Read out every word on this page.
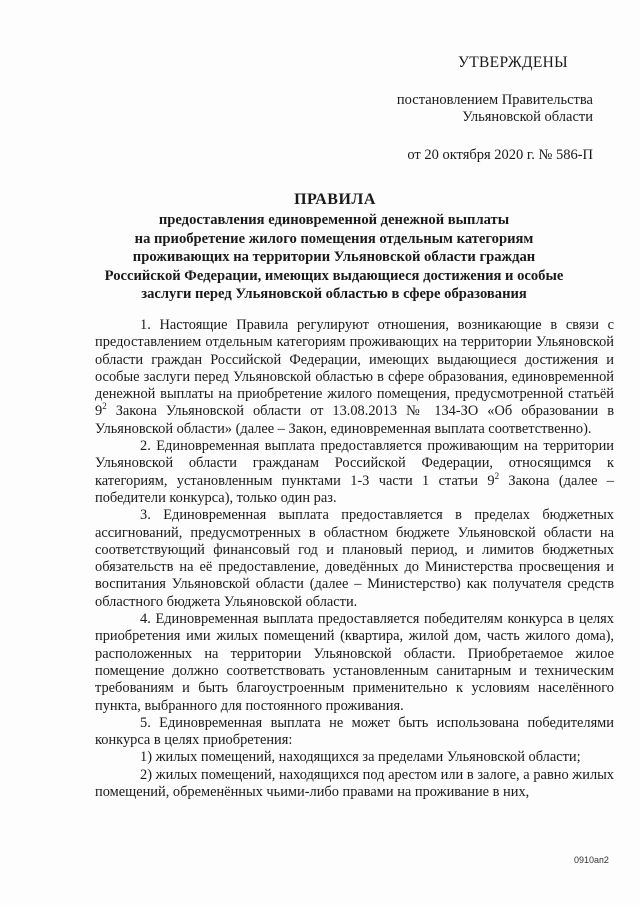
УТВЕРЖДЕНЫ
постановлением Правительства
Ульяновской области
от 20 октября 2020 г. № 586-П
ПРАВИЛА
предоставления единовременной денежной выплаты
на приобретение жилого помещения отдельным категориям
проживающих на территории Ульяновской области граждан
Российской Федерации, имеющих выдающиеся достижения и особые
заслуги перед Ульяновской областью в сфере образования

1. Настоящие Правила регулируют отношения, возникающие в связи с предоставлением отдельным категориям проживающих на территории Ульяновской области граждан Российской Федерации, имеющих выдающиеся достижения и особые заслуги перед Ульяновской областью в сфере образования, единовременной денежной выплаты на приобретение жилого помещения, предусмотренной статьёй $9^2$ Закона Ульяновской области от 13.08.2013 № 134-ЗО «Об образовании в Ульяновской области» (далее – Закон, единовременная выплата соответственно).

2. Единовременная выплата предоставляется проживающим на территории Ульяновской области гражданам Российской Федерации, относящимся к категориям, установленным пунктами 1-3 части 1 статьи $9^2$ Закона (далее – победители конкурса), только один раз.

3. Единовременная выплата предоставляется в пределах бюджетных ассигнований, предусмотренных в областном бюджете Ульяновской области на соответствующий финансовый год и плановый период, и лимитов бюджетных обязательств на её предоставление, доведённых до Министерства просвещения и воспитания Ульяновской области (далее – Министерство) как получателя средств областного бюджета Ульяновской области.

4. Единовременная выплата предоставляется победителям конкурса в целях приобретения ими жилых помещений (квартира, жилой дом, часть жилого дома), расположенных на территории Ульяновской области. Приобретаемое жилое помещение должно соответствовать установленным санитарным и техническим требованиям и быть благоустроенным применительно к условиям населённого пункта, выбранного для постоянного проживания.

5. Единовременная выплата не может быть использована победителями конкурса в целях приобретения:

1) жилых помещений, находящихся за пределами Ульяновской области;

2) жилых помещений, находящихся под арестом или в залоге, а равно жилых помещений, обременённых чьими-либо правами на проживание в них,

0910ап2
